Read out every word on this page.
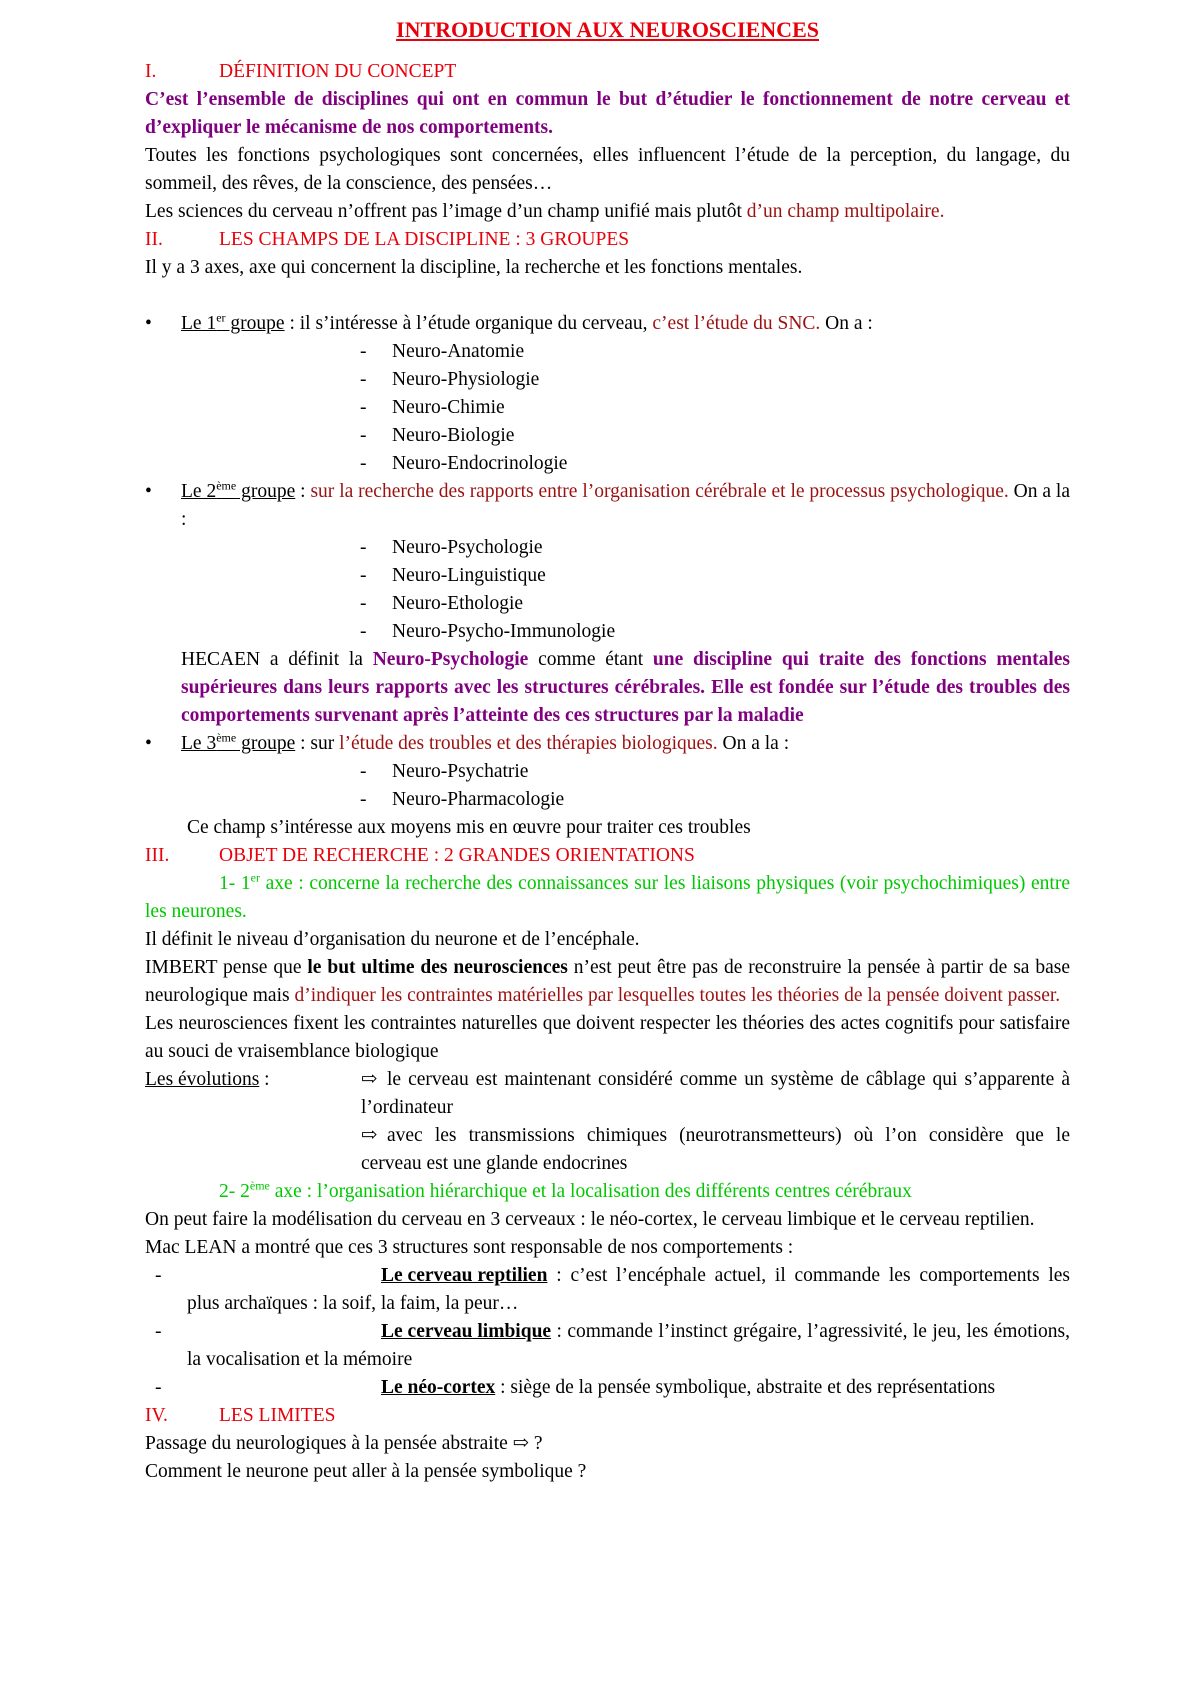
INTRODUCTION AUX NEUROSCIENCES
I.	DÉFINITION DU CONCEPT

C’est l’ensemble de disciplines qui ont en commun le but d’étudier le fonctionnement de notre cerveau et d’expliquer le mécanisme de nos comportements.

Toutes les fonctions psychologiques sont concernées, elles influencent l’étude de la perception, du langage, du sommeil, des rêves, de la conscience, des pensées…

Les sciences du cerveau n’offrent pas l’image d’un champ unifié mais plutôt d’un champ multipolaire.

II.	LES CHAMPS DE LA DISCIPLINE : 3 GROUPES

Il y a 3 axes, axe qui concernent la discipline, la recherche et les fonctions mentales.

• Le 1er groupe : il s’intéresse à l’étude organique du cerveau, c’est l’étude du SNC. On a :
- Neuro-Anatomie
- Neuro-Physiologie
- Neuro-Chimie
- Neuro-Biologie
- Neuro-Endocrinologie
• Le 2ème groupe : sur la recherche des rapports entre l’organisation cérébrale et le processus psychologique. On a la :
- Neuro-Psychologie
- Neuro-Linguistique
- Neuro-Ethologie
- Neuro-Psycho-Immunologie

HECAEN a définit la Neuro-Psychologie comme étant une discipline qui traite des fonctions mentales supérieures dans leurs rapports avec les structures cérébrales. Elle est fondée sur l’étude des troubles des comportements survenant après l’atteinte des ces structures par la maladie

• Le 3ème groupe : sur l’étude des troubles et des thérapies biologiques. On a la :
- Neuro-Psychatrie
- Neuro-Pharmacologie

Ce champ s’intéresse aux moyens mis en œuvre pour traiter ces troubles

III.	OBJET DE RECHERCHE : 2 GRANDES ORIENTATIONS

1- 1er axe : concerne la recherche des connaissances sur les liaisons physiques (voir psychochimiques) entre les neurones.

Il définit le niveau d’organisation du neurone et de l’encéphale.

IMBERT pense que le but ultime des neurosciences n’est peut être pas de reconstruire la pensée à partir de sa base neurologique mais d’indiquer les contraintes matérielles par lesquelles toutes les théories de la pensée doivent passer.

Les neurosciences fixent les contraintes naturelles que doivent respecter les théories des actes cognitifs pour satisfaire au souci de vraisemblance biologique

Les évolutions :	⇨ le cerveau est maintenant considéré comme un système de câblage qui s’apparente à l’ordinateur
⇨ avec les transmissions chimiques (neurotransmetteurs) où l’on considère que le cerveau est une glande endocrines

2- 2ème axe : l’organisation hiérarchique et la localisation des différents centres cérébraux

On peut faire la modélisation du cerveau en 3 cerveaux : le néo-cortex, le cerveau limbique et le cerveau reptilien.

Mac LEAN a montré que ces 3 structures sont responsable de nos comportements :

-	Le cerveau reptilien : c’est l’encéphale actuel, il commande les comportements les plus archaïques : la soif, la faim, la peur…
-	Le cerveau limbique : commande l’instinct grégaire, l’agressivité, le jeu, les émotions, la vocalisation et la mémoire
-	Le néo-cortex : siège de la pensée symbolique, abstraite et des représentations
IV.	LES LIMITES

Passage du neurologiques à la pensée abstraite ⇨ ?

Comment le neurone peut aller à la pensée symbolique ?
